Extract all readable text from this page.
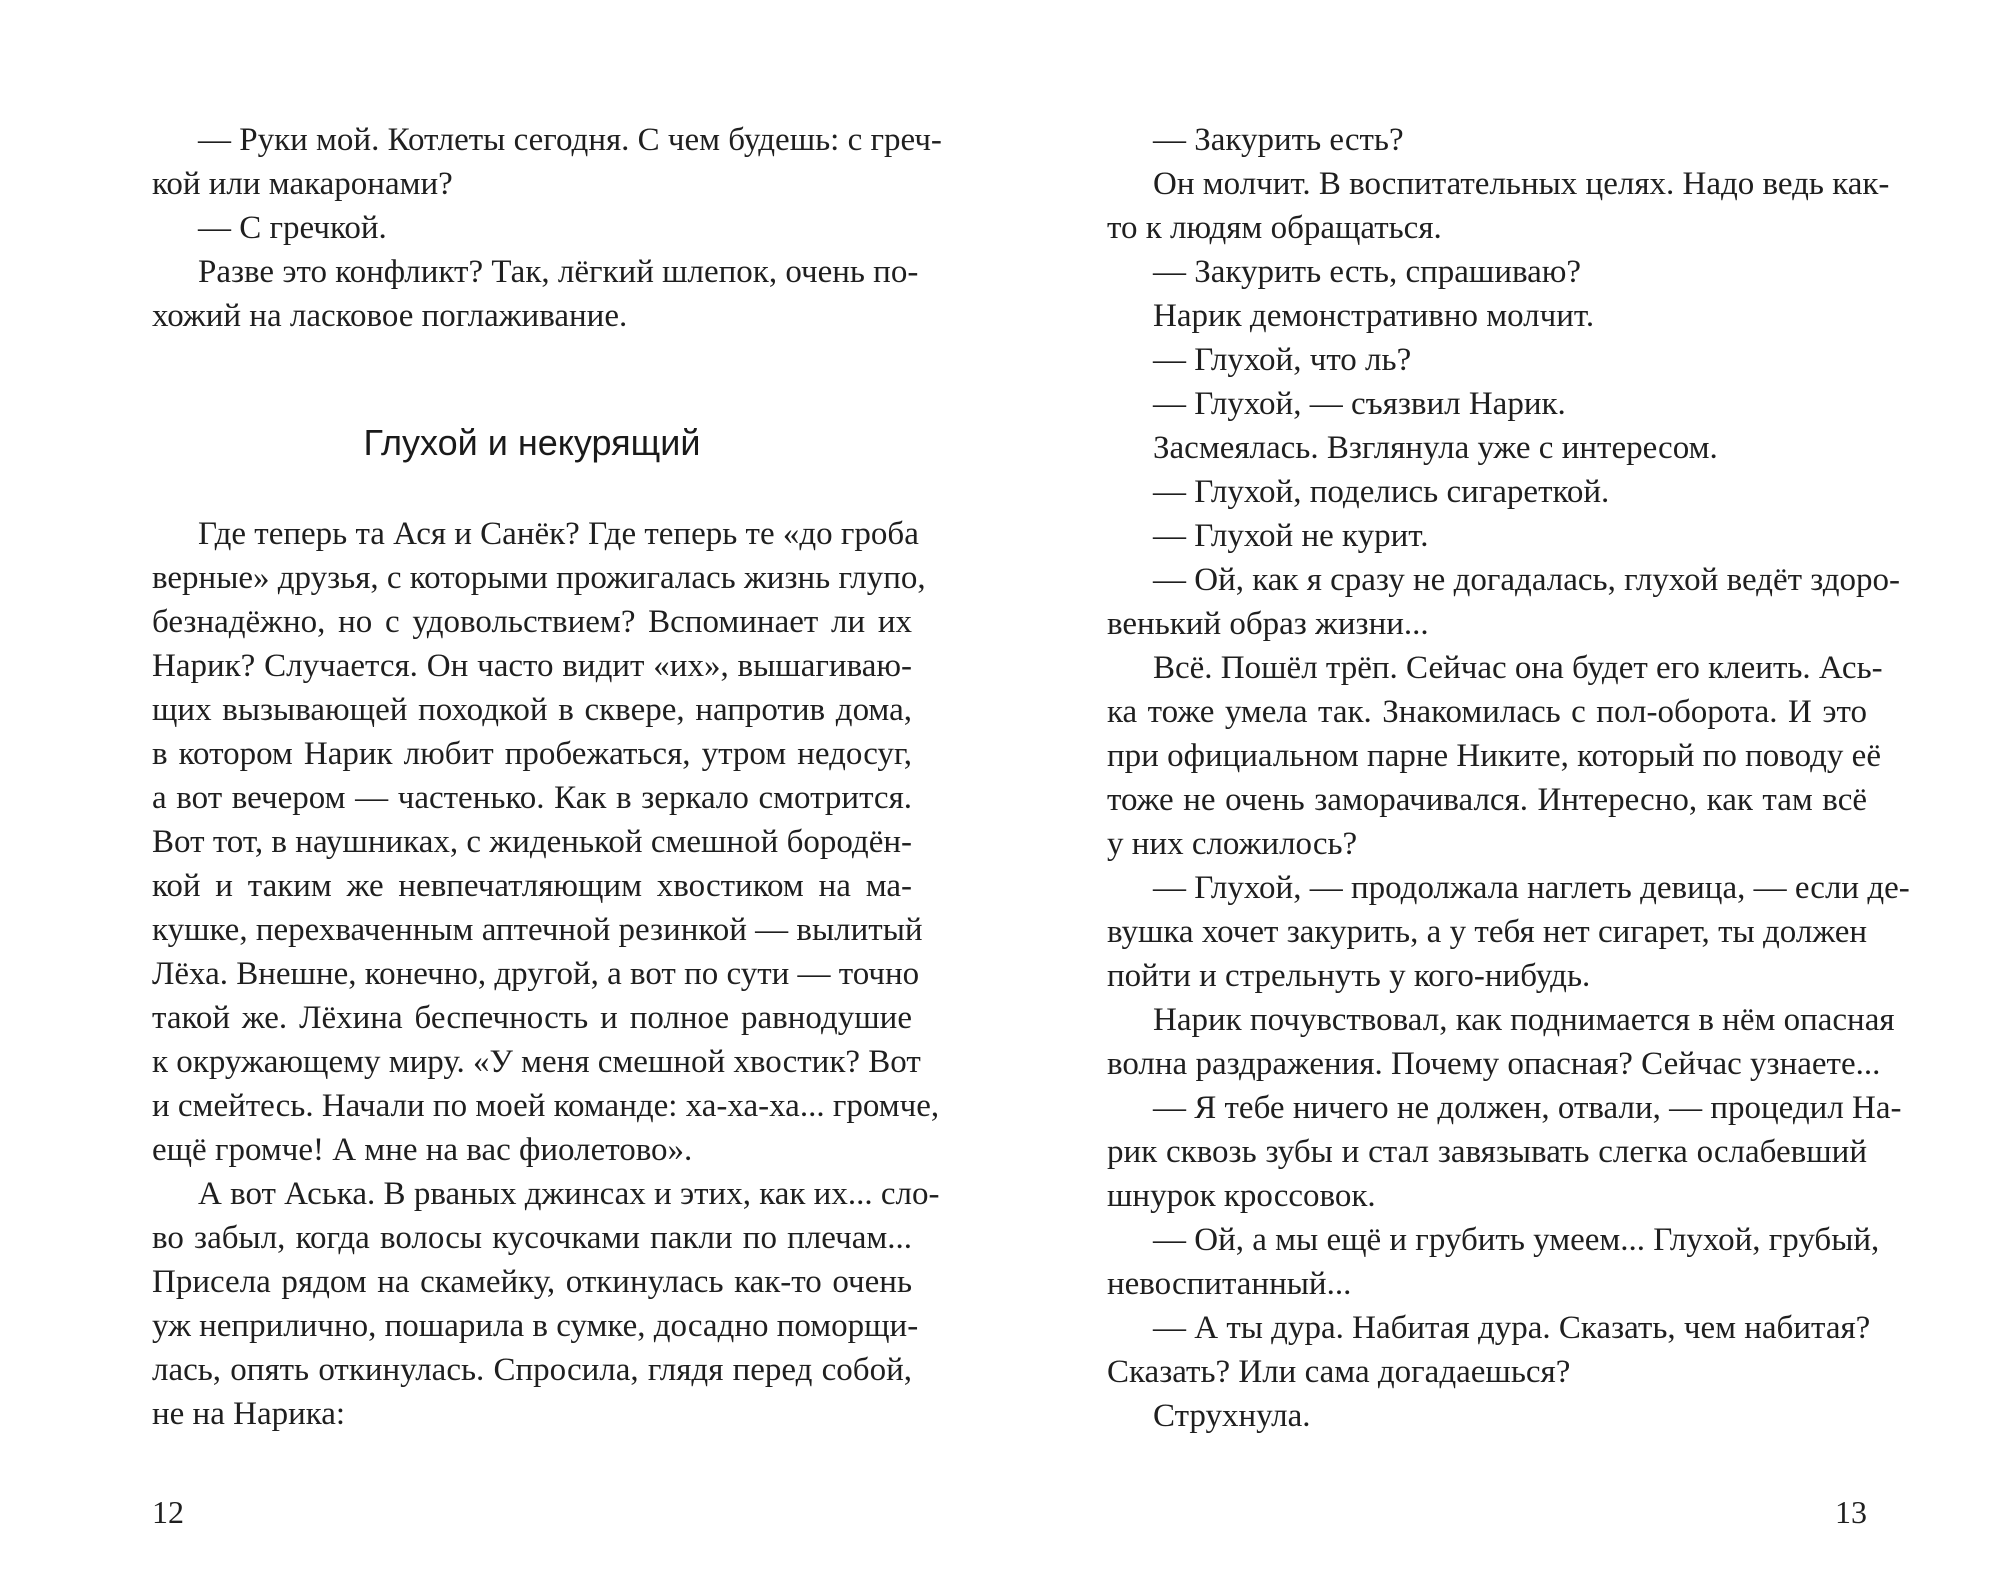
— Руки мой. Котлеты сегодня. С чем будешь: с греч-
кой или макаронами?
— С гречкой.
Разве это конфликт? Так, лёгкий шлепок, очень по-
хожий на ласковое поглаживание.
Глухой и некурящий
Где теперь та Ася и Санёк? Где теперь те «до гроба
верные» друзья, с которыми прожигалась жизнь глупо,
безнадёжно, но с удовольствием? Вспоминает ли их
Нарик? Случается. Он часто видит «их», вышагиваю-
щих вызывающей походкой в сквере, напротив дома,
в котором Нарик любит пробежаться, утром недосуг,
а вот вечером — частенько. Как в зеркало смотрится.
Вот тот, в наушниках, с жиденькой смешной бородён-
кой и таким же невпечатляющим хвостиком на ма-
кушке, перехваченным аптечной резинкой — вылитый
Лёха. Внешне, конечно, другой, а вот по сути — точно
такой же. Лёхина беспечность и полное равнодушие
к окружающему миру. «У меня смешной хвостик? Вот
и смейтесь. Начали по моей команде: ха-ха-ха... громче,
ещё громче! А мне на вас фиолетово».
А вот Аська. В рваных джинсах и этих, как их... сло-
во забыл, когда волосы кусочками пакли по плечам...
Присела рядом на скамейку, откинулась как-то очень
уж неприлично, пошарила в сумке, досадно поморщи-
лась, опять откинулась. Спросила, глядя перед собой,
не на Нарика:
12
— Закурить есть?
Он молчит. В воспитательных целях. Надо ведь как-
то к людям обращаться.
— Закурить есть, спрашиваю?
Нарик демонстративно молчит.
— Глухой, что ль?
— Глухой, — съязвил Нарик.
Засмеялась. Взглянула уже с интересом.
— Глухой, поделись сигареткой.
— Глухой не курит.
— Ой, как я сразу не догадалась, глухой ведёт здоро-
венький образ жизни...
Всё. Пошёл трёп. Сейчас она будет его клеить. Ась-
ка тоже умела так. Знакомилась с пол-оборота. И это
при официальном парне Никите, который по поводу её
тоже не очень заморачивался. Интересно, как там всё
у них сложилось?
— Глухой, — продолжала наглеть девица, — если де-
вушка хочет закурить, а у тебя нет сигарет, ты должен
пойти и стрельнуть у кого-нибудь.
Нарик почувствовал, как поднимается в нём опасная
волна раздражения. Почему опасная? Сейчас узнаете...
— Я тебе ничего не должен, отвали, — процедил На-
рик сквозь зубы и стал завязывать слегка ослабевший
шнурок кроссовок.
— Ой, а мы ещё и грубить умеем... Глухой, грубый,
невоспитанный...
— А ты дура. Набитая дура. Сказать, чем набитая?
Сказать? Или сама догадаешься?
Струхнула.
13
